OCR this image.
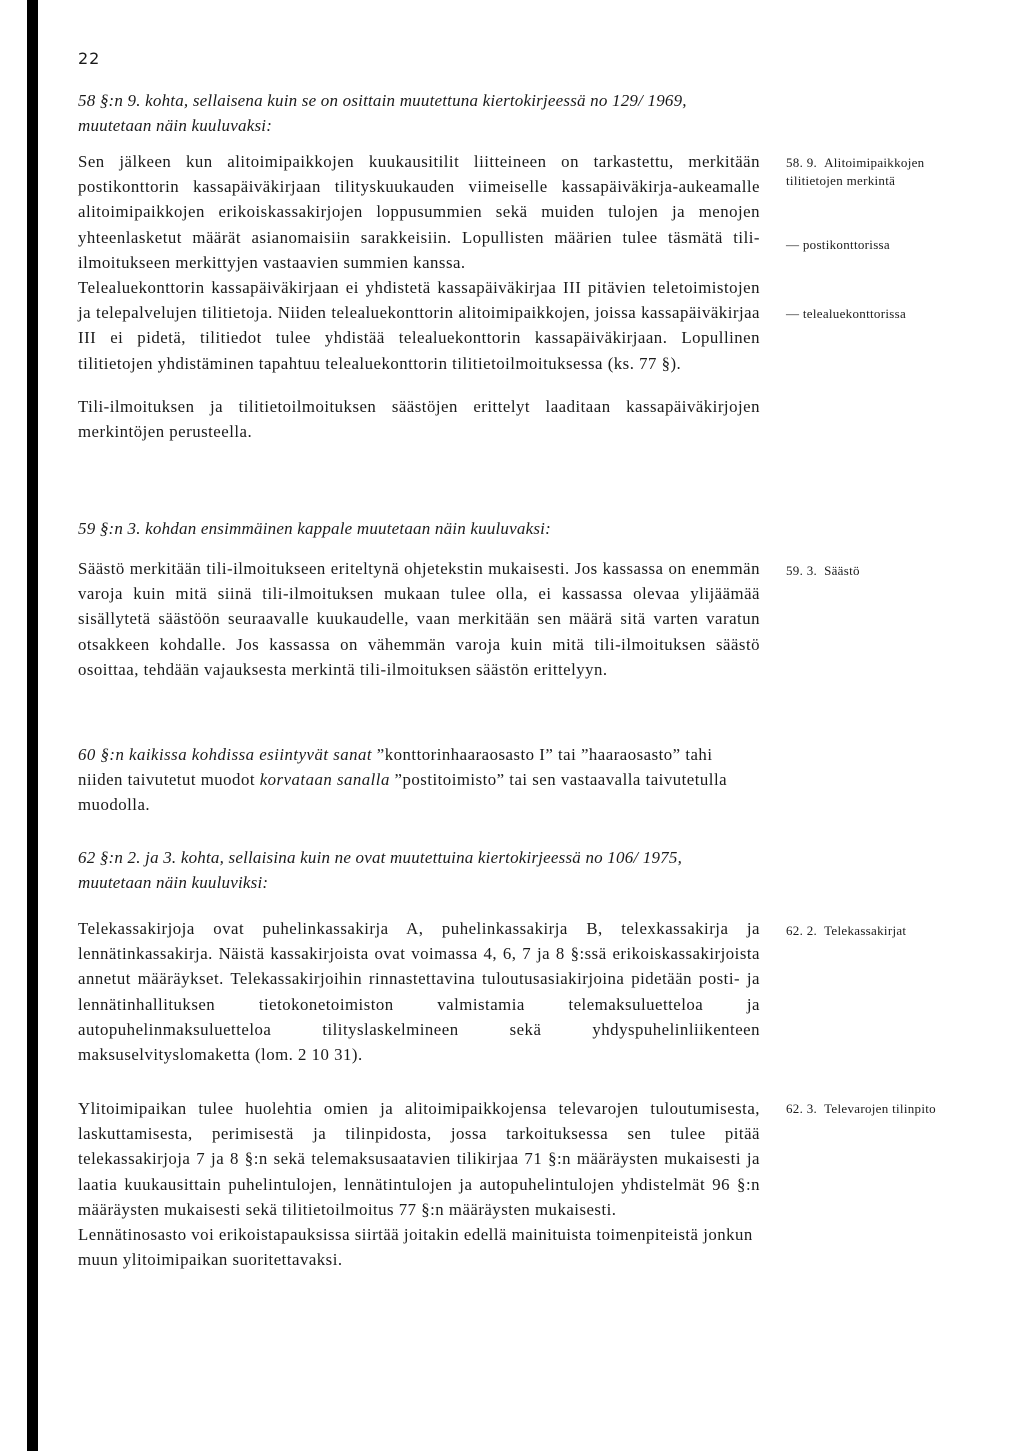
22

58 §:n 9. kohta, sellaisena kuin se on osittain muutettuna kiertokirjeessä no 129/ 1969, muutetaan näin kuuluvaksi:

Sen jälkeen kun alitoimipaikkojen kuukausitilit liitteineen on tarkastettu, merkitään postikonttorin kassapäiväkirjaan tilityskuukauden viimeiselle kassapäiväkirja-aukeamalle alitoimipaikkojen erikoiskassakirjojen loppusummien sekä muiden tulojen ja menojen yhteenlasketut määrät asianomaisiin sarakkeisiin. Lopullisten määrien tulee täsmätä tili-ilmoitukseen merkittyjen vastaavien summien kanssa.

Telealuekonttorin kassapäiväkirjaan ei yhdistetä kassapäiväkirjaa III pitävien teletoimistojen ja telepalvelujen tilitietoja. Niiden telealuekonttorin alitoimipaikkojen, joissa kassapäiväkirjaa III ei pidetä, tilitiedot tulee yhdistää telealuekonttorin kassapäiväkirjaan. Lopullinen tilitietojen yhdistäminen tapahtuu telealuekonttorin tilitietoilmoituksessa (ks. 77 §).

Tili-ilmoituksen ja tilitietoilmoituksen säästöjen erittelyt laaditaan kassapäiväkirjojen merkintöjen perusteella.

58. 9. Alitoimipaikkojen tilitietojen merkintä
— postikonttorissa
— telealuekonttorissa

59 §:n 3. kohdan ensimmäinen kappale muutetaan näin kuuluvaksi:

Säästö merkitään tili-ilmoitukseen eriteltynä ohjetekstin mukaisesti. Jos kassassa on enemmän varoja kuin mitä siinä tili-ilmoituksen mukaan tulee olla, ei kassassa olevaa ylijäämää sisällytetä säästöön seuraavalle kuukaudelle, vaan merkitään sen määrä sitä varten varatun otsakkeen kohdalle. Jos kassassa on vähemmän varoja kuin mitä tili-ilmoituksen säästö osoittaa, tehdään vajauksesta merkintä tili-ilmoituksen säästön erittelyyn.

59. 3. Säästö

60 §:n kaikissa kohdissa esiintyvät sanat ”konttorinhaaraosasto I” tai ”haaraosasto” tahi niiden taivutetut muodot korvataan sanalla ”postitoimisto” tai sen vastaavalla taivutetulla muodolla.

62 §:n 2. ja 3. kohta, sellaisina kuin ne ovat muutettuina kiertokirjeessä no 106/ 1975, muutetaan näin kuuluviksi:

Telekassakirjoja ovat puhelinkassakirja A, puhelinkassakirja B, telexkassakirja ja lennätinkassakirja. Näistä kassakirjoista ovat voimassa 4, 6, 7 ja 8 §:ssä erikoiskassakirjoista annetut määräykset. Telekassakirjoihin rinnastettavina tuloutusasiakirjoina pidetään posti- ja lennätinhallituksen tietokonetoimiston valmistamia telemaksuluetteloa ja autopuhelinmaksuluetteloa tilityslaskelmineen sekä yhdyspuhelinliikenteen maksuselvityslomaketta (lom. 2 10 31).

Ylitoimipaikan tulee huolehtia omien ja alitoimipaikkojensa televarojen tuloutumisesta, laskuttamisesta, perimisestä ja tilinpidosta, jossa tarkoituksessa sen tulee pitää telekassakirjoja 7 ja 8 §:n sekä telemaksusaatavien tilikirjaa 71 §:n määräysten mukaisesti ja laatia kuukausittain puhelintulojen, lennätintulojen ja autopuhelintulojen yhdistelmät 96 §:n määräysten mukaisesti sekä tilitietoilmoitus 77 §:n määräysten mukaisesti.

Lennätinosasto voi erikoistapauksissa siirtää joitakin edellä mainituista toimenpiteistä jonkun muun ylitoimipaikan suoritettavaksi.

62. 2. Telekassakirjat
62. 3. Televarojen tilinpito
